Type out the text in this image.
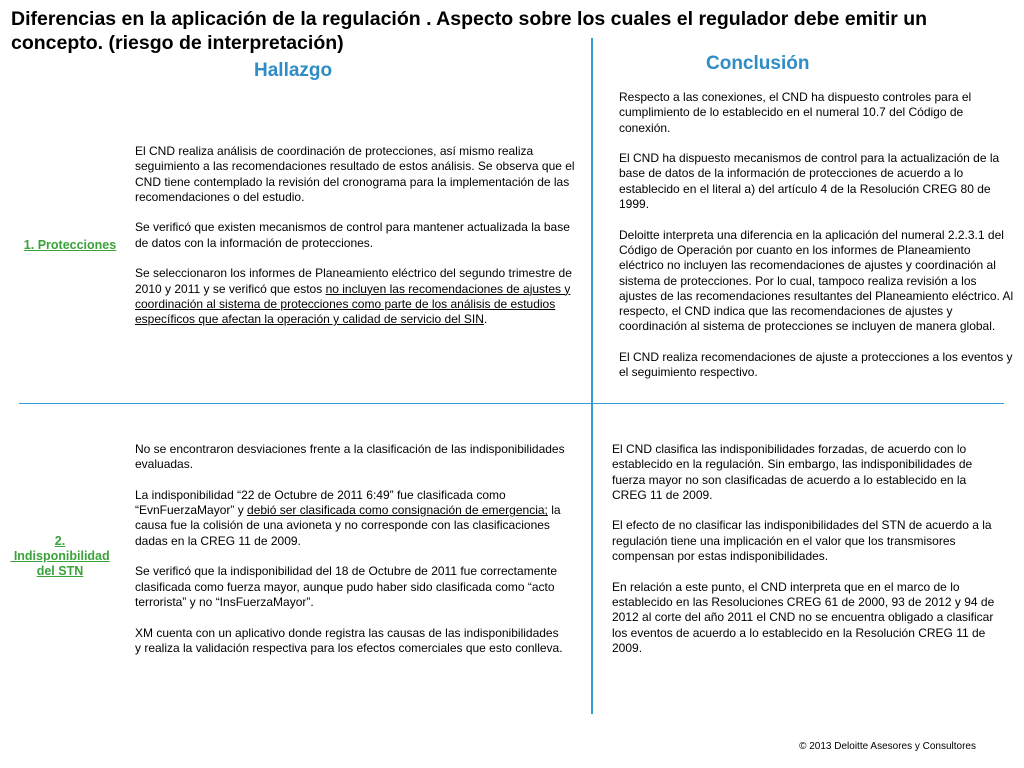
Diferencias en la aplicación de la regulación . Aspecto sobre los cuales el regulador debe emitir un concepto. (riesgo de interpretación)
Hallazgo	Conclusión
1. Protecciones

El CND realiza análisis de coordinación de protecciones, así mismo realiza seguimiento a las recomendaciones resultado de estos análisis. Se observa que el CND tiene contemplado la revisión del cronograma para la implementación de las recomendaciones o del estudio.

Se verificó que existen mecanismos de control para mantener actualizada la base de datos con la información de protecciones.

Se seleccionaron los informes de Planeamiento eléctrico del segundo trimestre de 2010 y 2011 y se verificó que estos no incluyen las recomendaciones de ajustes y coordinación al sistema de protecciones como parte de los análisis de estudios específicos que afectan la operación y calidad de servicio del SIN.

Respecto a las conexiones, el CND ha dispuesto controles para el cumplimiento de lo establecido en el numeral 10.7 del Código de conexión.

El CND ha dispuesto mecanismos de control para la actualización de la base de datos de la información de protecciones de acuerdo a lo establecido en el literal a) del artículo 4 de la Resolución CREG 80 de 1999.

Deloitte interpreta una diferencia en la aplicación del numeral 2.2.3.1 del Código de Operación por cuanto en los informes de Planeamiento eléctrico no incluyen las recomendaciones de ajustes y coordinación al sistema de protecciones. Por lo cual, tampoco realiza revisión a los ajustes de las recomendaciones resultantes del Planeamiento eléctrico. Al respecto, el CND indica que las recomendaciones de ajustes y coordinación al sistema de protecciones se incluyen de manera global.

El CND realiza recomendaciones de ajuste a protecciones a los eventos y el seguimiento respectivo.

2.
Indisponibilidad
del STN

No se encontraron desviaciones frente a la clasificación de las indisponibilidades evaluadas.

La indisponibilidad “22 de Octubre de 2011 6:49” fue clasificada como “EvnFuerzaMayor” y debió ser clasificada como consignación de emergencia; la causa fue la colisión de una avioneta y no corresponde con las clasificaciones dadas en la CREG 11 de 2009.

Se verificó que la indisponibilidad del 18 de Octubre de 2011 fue correctamente clasificada como fuerza mayor, aunque pudo haber sido clasificada como “acto terrorista” y no “InsFuerzaMayor”.

XM cuenta con un aplicativo donde registra las causas de las indisponibilidades y realiza la validación respectiva para los efectos comerciales que esto conlleva.

El CND clasifica las indisponibilidades forzadas, de acuerdo con lo establecido en la regulación. Sin embargo, las indisponibilidades de fuerza mayor no son clasificadas de acuerdo a lo establecido en la CREG 11 de 2009.

El efecto de no clasificar las indisponibilidades del STN de acuerdo a la regulación tiene una implicación en el valor que los transmisores compensan por estas indisponibilidades.

En relación a este punto, el CND interpreta que en el marco de lo establecido en las Resoluciones CREG 61 de 2000, 93 de 2012 y 94 de 2012 al corte del año 2011 el CND no se encuentra obligado a clasificar los eventos de acuerdo a lo establecido en la Resolución CREG 11 de 2009.

© 2013 Deloitte Asesores y Consultores
